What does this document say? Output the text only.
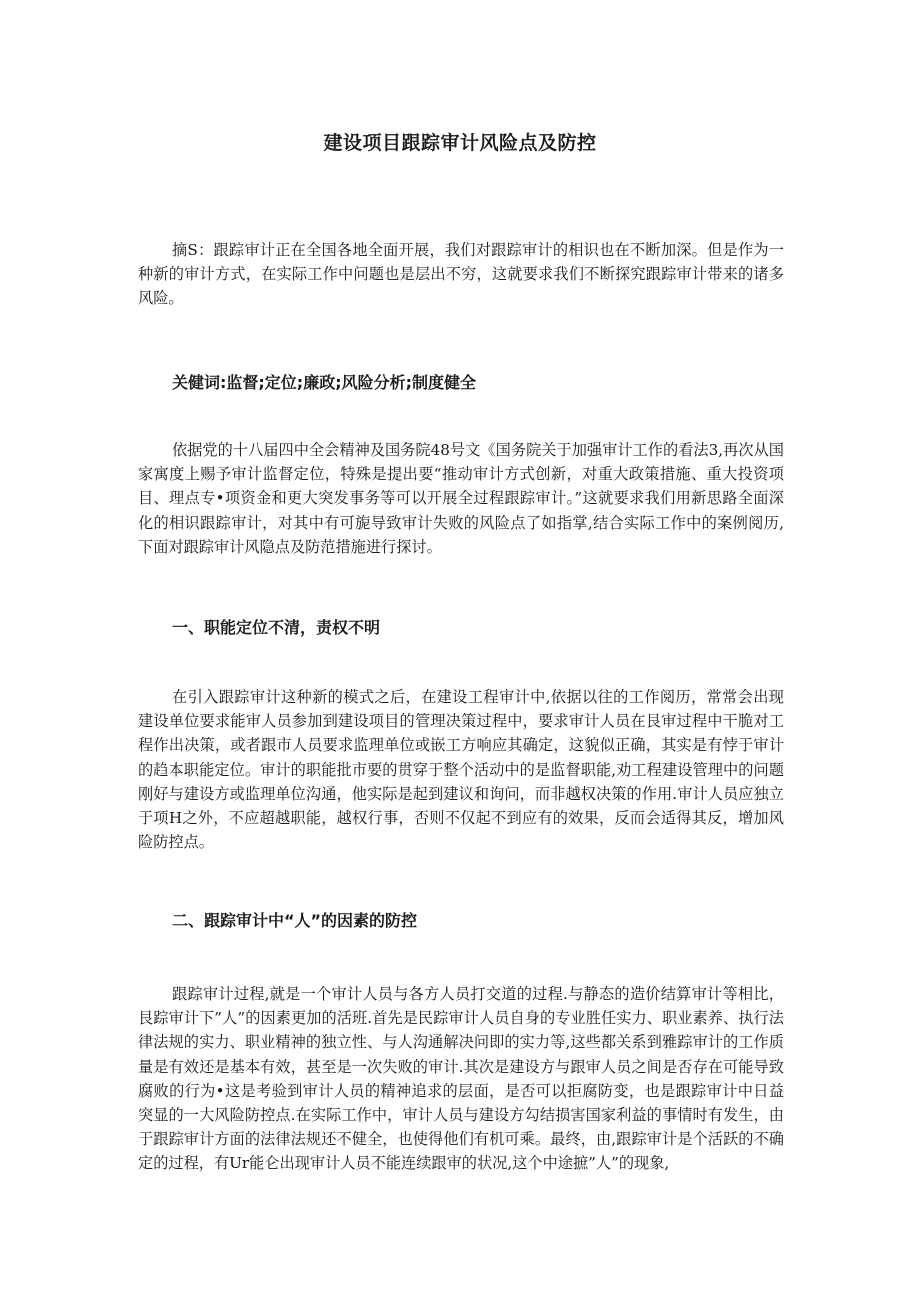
建设项目跟踪审计风险点及防控

摘S：跟踪审计正在全国各地全面开展，我们对跟踪审计的相识也在不断加深。但是作为一种新的审计方式，在实际工作中问题也是层出不穷，这就要求我们不断探究跟踪审计带来的诸多风险。

关健词:监督;定位;廉政;风险分析;制度健全

依据党的十八届四中全会精神及国务院48号文《国务院关于加强审计工作的看法3,再次从国家寓度上赐予审计监督定位，特殊是提出要“推动审计方式创新，对重大政策措施、重大投资项目、理点专•项资金和更大突发事务等可以开展全过程跟踪审计。”这就要求我们用新思路全面深化的相识跟踪审计，对其中有可旎导致审计失败的风险点了如指掌,结合实际工作中的案例阅历,下面对跟踪审计风隐点及防范措施进行探讨。

一、职能定位不清，责权不明

在引入跟踪审计这种新的模式之后，在建设工程审计中,依据以往的工作阅历，常常会出现建设单位要求能审人员参加到建设项目的管理决策过程中，要求审计人员在艮审过程中干脆对工程作出决策，或者跟市人员要求监理单位或嵌工方响应其确定，这貌似正确，其实是有悖于审计的趋本职能定位。审计的职能批市要的贯穿于整个活动中的是监督职能,劝工程建设管理中的问题刚好与建设方或监理单位沟通，他实际是起到建议和询问，而非越权决策的作用.审计人员应独立于项H之外，不应超越职能，越权行事，否则不仅起不到应有的效果，反而会适得其反，增加风险防控点。

二、跟踪审计中“人”的因素的防控

跟踪审计过程,就是一个审计人员与各方人员打交道的过程.与静态的造价结算审计等相比，艮踪审计下”人”的因素更加的活班.首先是民踪审计人员自身的专业胜任实力、职业素养、执行法律法规的实力、职业精神的独立性、与人沟通解决问即的实力等,这些都关系到雅踪审计的工作质量是有效还是基本有效，甚至是一次失败的审计.其次是建设方与跟审人员之间是否存在可能导致腐败的行为•这是考验到审计人员的精神追求的层面，是否可以拒腐防变，也是跟踪审计中日益突显的一大风险防控点.在实际工作中，审计人员与建设方勾结损害国家利益的事情时有发生，由于跟踪审计方面的法律法规还不健全，也使得他们有机可乘。最终，由,跟踪审计是个活跃的不确定的过程，有Ur能仑出现审计人员不能连续跟审的状况,这个中途摭”人”的现象,
